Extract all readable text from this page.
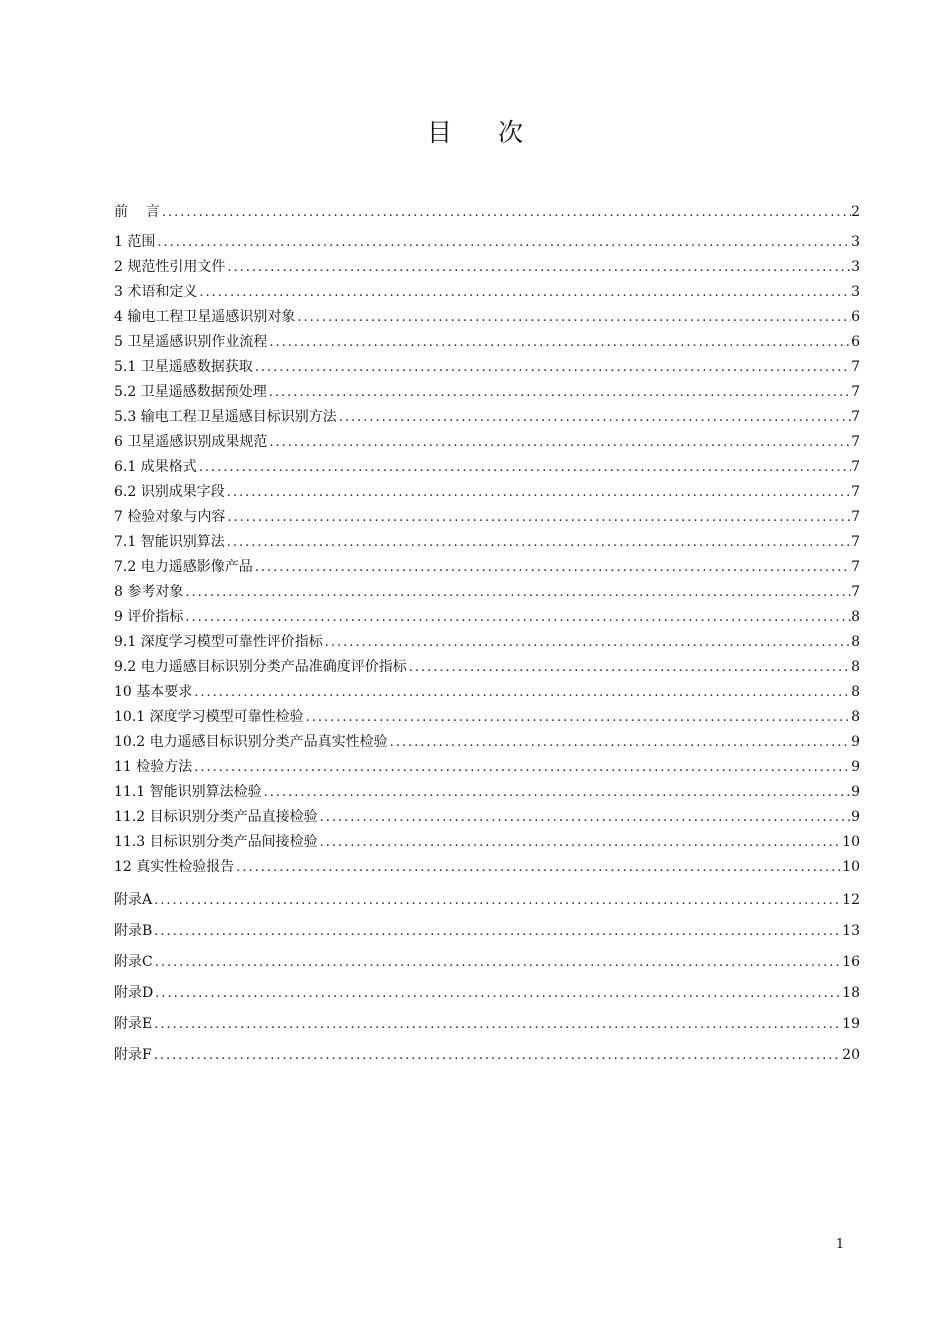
目次
前    言 .....	2
1 范围 .....	3
2 规范性引用文件 .....	3
3 术语和定义 .....	3
4 输电工程卫星遥感识别对象 .....	6
5 卫星遥感识别作业流程 .....	6
5.1 卫星遥感数据获取 .....	7
5.2 卫星遥感数据预处理 .....	7
5.3 输电工程卫星遥感目标识别方法 .....	7
6 卫星遥感识别成果规范 .....	7
6.1 成果格式 .....	7
6.2 识别成果字段 .....	7
7 检验对象与内容 .....	7
7.1 智能识别算法 .....	7
7.2 电力遥感影像产品 .....	7
8 参考对象 .....	7
9 评价指标 .....	8
9.1 深度学习模型可靠性评价指标 .....	8
9.2 电力遥感目标识别分类产品准确度评价指标 .....	8
10 基本要求 .....	8
10.1 深度学习模型可靠性检验 .....	8
10.2 电力遥感目标识别分类产品真实性检验 .....	9
11 检验方法 .....	9
11.1 智能识别算法检验 .....	9
11.2 目标识别分类产品直接检验 .....	9
11.3 目标识别分类产品间接检验 .....	10
12 真实性检验报告 .....	10
附录A .....	12
附录B .....	13
附录C .....	16
附录D .....	18
附录E .....	19
附录F .....	20
1
